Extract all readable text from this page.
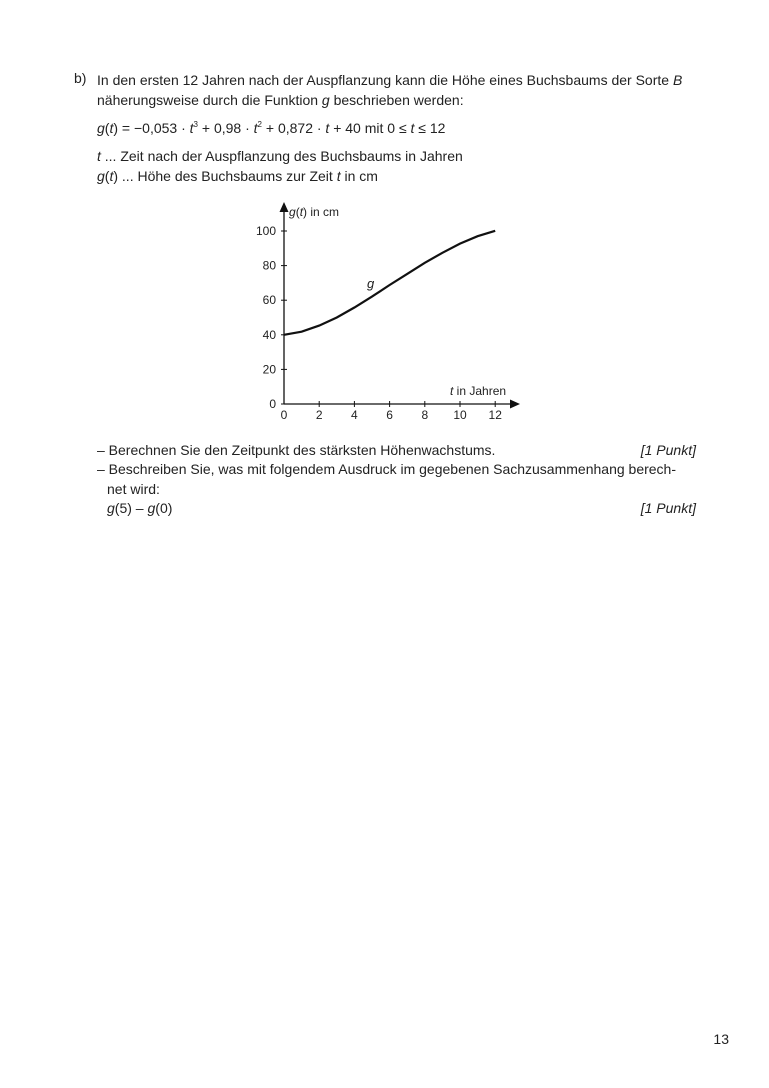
b) In den ersten 12 Jahren nach der Auspflanzung kann die Höhe eines Buchsbaums der Sorte B
näherungsweise durch die Funktion g beschrieben werden:
$g(t) = -0,053 \cdot t^3 + 0,98 \cdot t^2 + 0,872 \cdot t + 40$ mit 0 ≤ t ≤ 12
t ... Zeit nach der Auspflanzung des Buchsbaums in Jahren
g(t) ... Höhe des Buchsbaums zur Zeit t in cm
0 2 4 6 8 10 12
0
20
40
60
80
100
g(t) in cm
t in Jahren
g
– Berechnen Sie den Zeitpunkt des stärksten Höhenwachstums.	[1 Punkt]
– Beschreiben Sie, was mit folgendem Ausdruck im gegebenen Sachzusammenhang berech-
net wird:
g(5) – g(0)	[1 Punkt]
13
